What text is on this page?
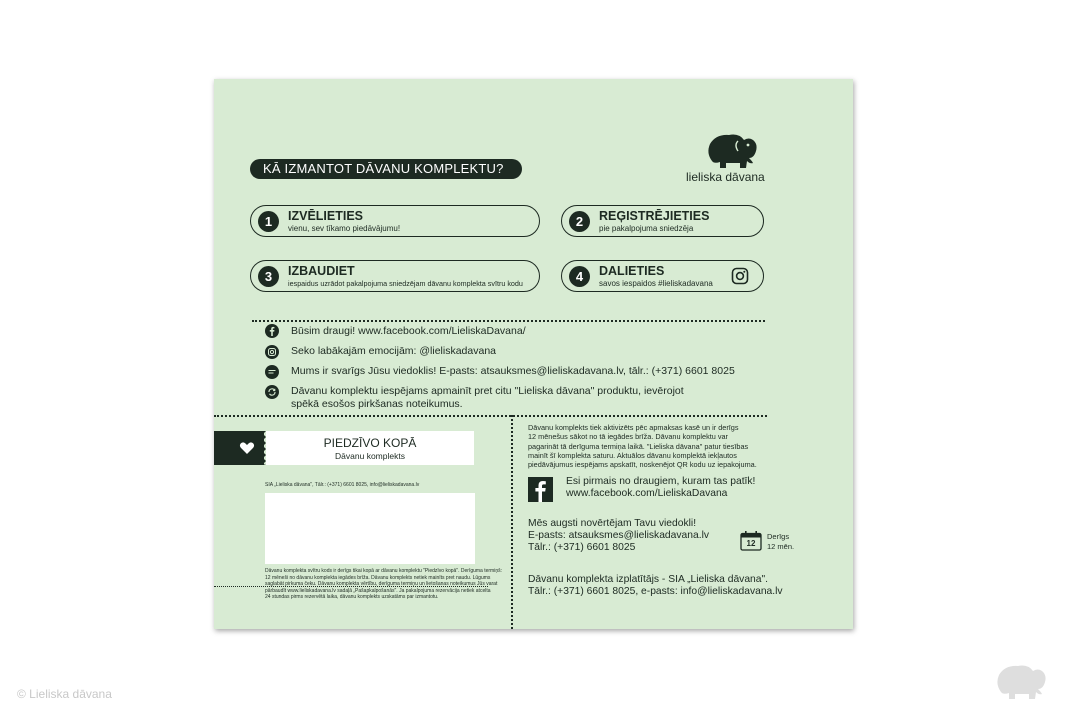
lieliska dāvana
KĀ IZMANTOT DĀVANU KOMPLEKTU?
1	IZVĒLIETIES
vienu, sev tīkamo piedāvājumu!	2	REĢISTRĒJIETIES
pie pakalpojuma sniedzēja
3	IZBAUDIET
iespaidus uzrādot pakalpojuma sniedzējam dāvanu komplekta svītru kodu	4	DALIETIES
savos iespaidos #lieliskadavana
Būsim draugi! www.facebook.com/LieliskaDavana/
Seko labākajām emocijām: @lieliskadavana
Mums ir svarīgs Jūsu viedoklis! E-pasts: atsauksmes@lieliskadavana.lv, tālr.: (+371) 6601 8025
Dāvanu komplektu iespējams apmainīt pret citu "Lieliska dāvana" produktu, ievērojot
spēkā esošos pirkšanas noteikumus.
PIEDZĪVO KOPĀ
Dāvanu komplekts
SIA „Lieliska dāvana", Tālr.: (+371) 6601 8025, info@lieliskadavana.lv
Dāvanu komplekta svītru kods ir derīgs tikai kopā ar dāvanu komplektu "Piedzīvo kopā". Derīguma termiņš:
12 mēneši no dāvanu komplekta iegādes brīža. Dāvanu komplekts netiek mainīts pret naudu. Lūgums
saglabāt pirkuma čeku. Dāvanu komplekta vērtību, derīguma termiņu un lietošanas noteikumus Jūs varat
pārbaudīt www.lieliskadavana.lv sadaļā „Pašapkalpošanās". Ja pakalpojuma rezervācija netiek atcelta
24 stundas pirms rezervētā laika, dāvanu komplekts uzskatāms par izmantotu.
Dāvanu komplekts tiek aktivizēts pēc apmaksas kasē un ir derīgs
12 mēnešus sākot no tā iegādes brīža. Dāvanu komplektu var
pagarināt tā derīguma termiņa laikā. "Lieliska dāvana" patur tiesības
mainīt šī komplekta saturu. Aktuālos dāvanu komplektā iekļautos
piedāvājumus iespējams apskatīt, noskenējot QR kodu uz iepakojuma.
Esi pirmais no draugiem, kuram tas patīk!
www.facebook.com/LieliskaDavana
Mēs augsti novērtējam Tavu viedokli!
E-pasts: atsauksmes@lieliskadavana.lv
Tālr.: (+371) 6601 8025	12
Derīgs
12 mēn.
Dāvanu komplekta izplatītājs - SIA „Lieliska dāvana".
Tālr.: (+371) 6601 8025, e-pasts: info@lieliskadavana.lv
© Lieliska dāvana
